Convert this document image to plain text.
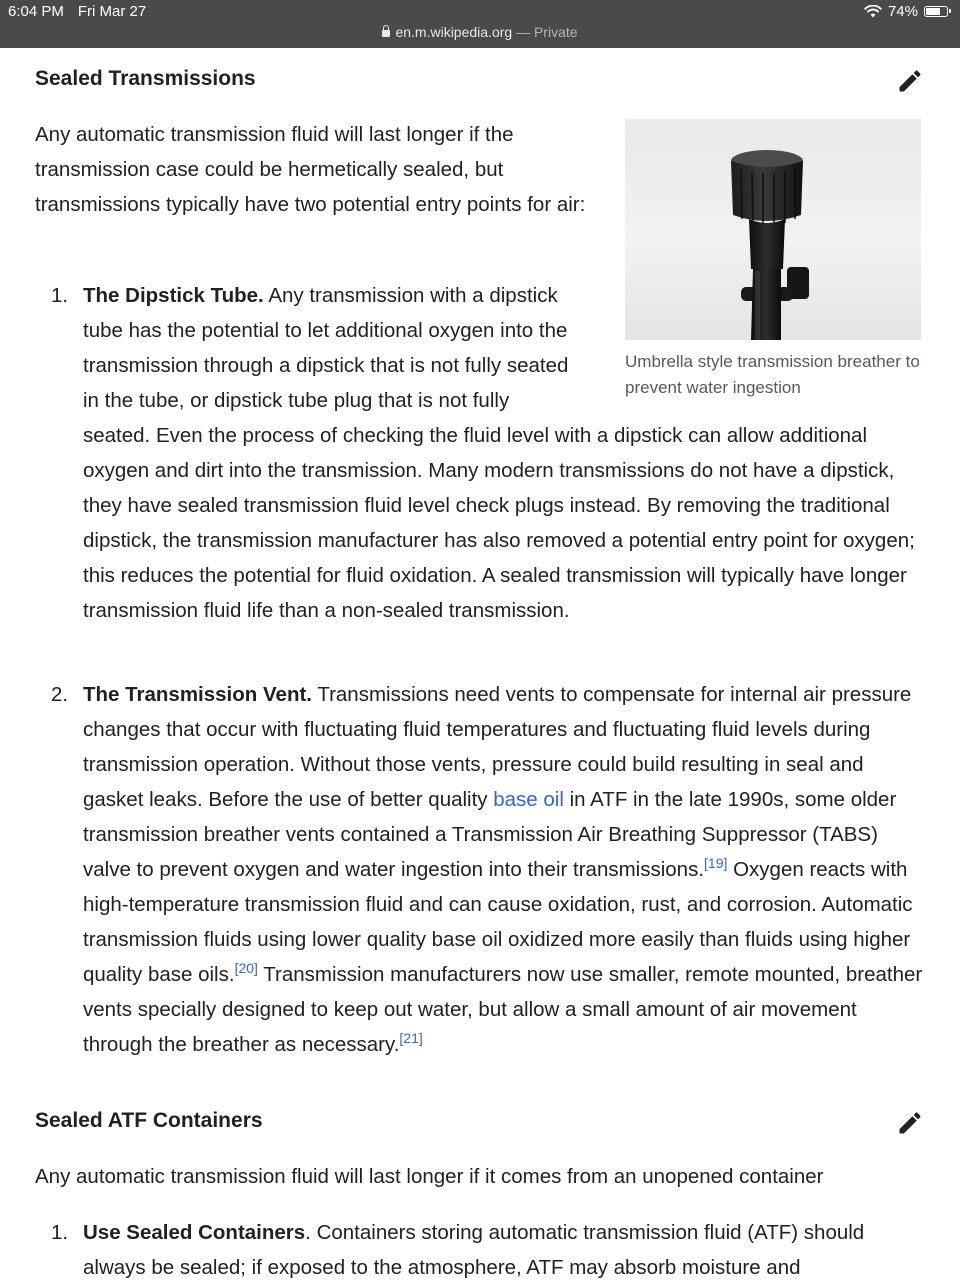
6:04 PM Fri Mar 27	74%
en.m.wikipedia.org — Private
Sealed Transmissions
Any automatic transmission fluid will last longer if the transmission case could be hermetically sealed, but transmissions typically have two potential entry points for air:
Umbrella style transmission breather to prevent water ingestion
1. The Dipstick Tube. Any transmission with a dipstick tube has the potential to let additional oxygen into the transmission through a dipstick that is not fully seated in the tube, or dipstick tube plug that is not fully seated. Even the process of checking the fluid level with a dipstick can allow additional oxygen and dirt into the transmission. Many modern transmissions do not have a dipstick, they have sealed transmission fluid level check plugs instead. By removing the traditional dipstick, the transmission manufacturer has also removed a potential entry point for oxygen; this reduces the potential for fluid oxidation. A sealed transmission will typically have longer transmission fluid life than a non-sealed transmission.
2. The Transmission Vent. Transmissions need vents to compensate for internal air pressure changes that occur with fluctuating fluid temperatures and fluctuating fluid levels during transmission operation. Without those vents, pressure could build resulting in seal and gasket leaks. Before the use of better quality base oil in ATF in the late 1990s, some older transmission breather vents contained a Transmission Air Breathing Suppressor (TABS) valve to prevent oxygen and water ingestion into their transmissions.[19] Oxygen reacts with high-temperature transmission fluid and can cause oxidation, rust, and corrosion. Automatic transmission fluids using lower quality base oil oxidized more easily than fluids using higher quality base oils.[20] Transmission manufacturers now use smaller, remote mounted, breather vents specially designed to keep out water, but allow a small amount of air movement through the breather as necessary.[21]
Sealed ATF Containers
Any automatic transmission fluid will last longer if it comes from an unopened container
1. Use Sealed Containers. Containers storing automatic transmission fluid (ATF) should always be sealed; if exposed to the atmosphere, ATF may absorb moisture and
